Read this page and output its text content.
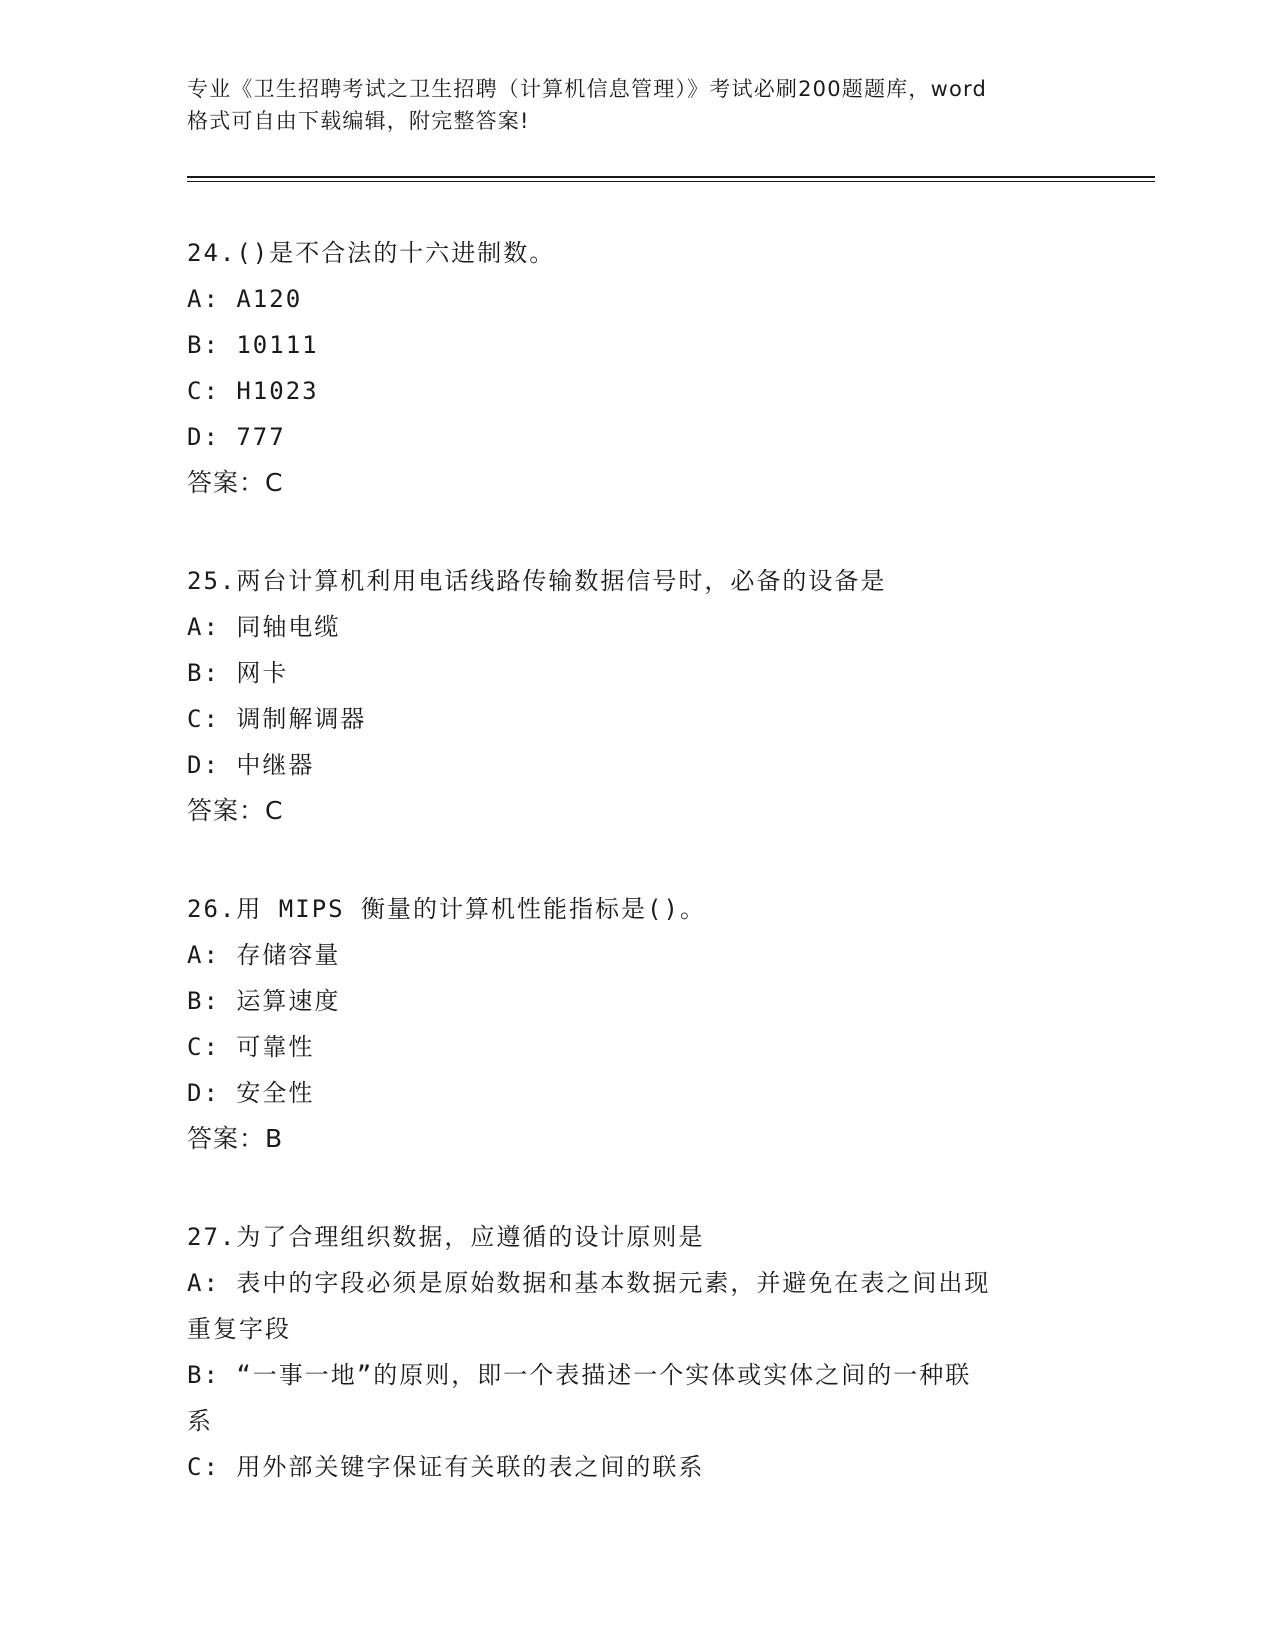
专业《卫生招聘考试之卫生招聘（计算机信息管理）》考试必刷200题题库，word
格式可自由下载编辑，附完整答案!
24.()是不合法的十六进制数。
A: A120
B: 10111
C: H1023
D: 777
答案：C
25.两台计算机利用电话线路传输数据信号时，必备的设备是
A: 同轴电缆
B: 网卡
C: 调制解调器
D: 中继器
答案：C
26.用 MIPS 衡量的计算机性能指标是()。
A: 存储容量
B: 运算速度
C: 可靠性
D: 安全性
答案：B
27.为了合理组织数据，应遵循的设计原则是
A: 表中的字段必须是原始数据和基本数据元素，并避免在表之间出现
重复字段
B: “一事一地”的原则，即一个表描述一个实体或实体之间的一种联
系
C: 用外部关键字保证有关联的表之间的联系
